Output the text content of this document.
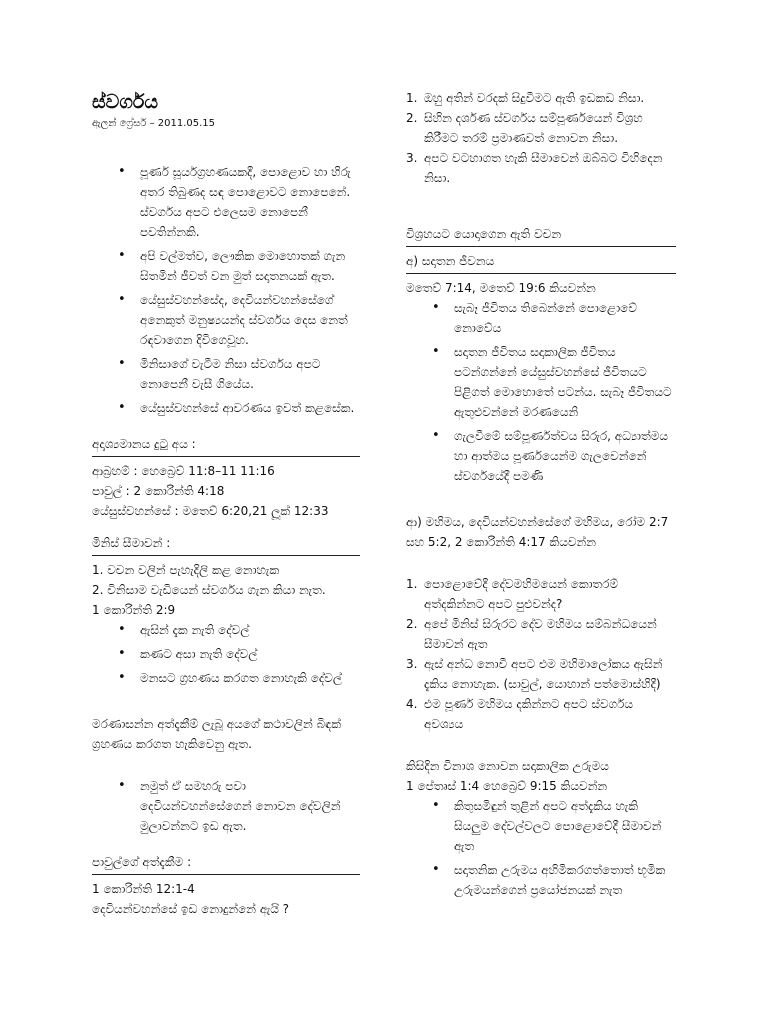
ස්වර්ගය
ඇලන් ෆ්‍රේසර් – 2011.05.15
• පූර්ණ සූර්යග්‍රහණයකදී, පොළොව හා හිරු අතර තිබුණද සඳ පොළොවට නොපෙනේ. ස්වර්ගය අපට එලෙසම නොපෙනී පවතින්නකි.
• අපි වල්මත්ව, ලෞකික මොහොතක් ගැන සිතමින් ජීවත් වන මුත් සදාතනයක් ඇත.
• යේසුස්වහන්සේද, දෙවියන්වහන්සේගේ අනෙකුත් මනුෂ්‍යයන්ද ස්වර්ගය දෙස නෙත් රඳවාගෙන දිවිගෙවූහ.
• මිනිසාගේ වැටීම නිසා ස්වර්ගය අපට නොපෙනී වැසී ගියේය.
• යේසුස්වහන්සේ ආවරණය ඉවත් කළසේක.
අදෘශ්‍යමානය දුටු අය :

ආබ්‍රහම් : හෙබ්‍රෙව් 11:8–11 11:16

පාවුල් : 2 කොරින්ති 4:18

යේසුස්වහන්සේ : මතෙව් 6:20,21 ලූක් 12:33

මිනිස් සීමාවන් :

1. වචන වලින් පැහැදිලි කළ නොහැක

2. විනිසාම වැඩියෙන් ස්වර්ගය ගැන කියා නැත.

1 කොරින්ති 2:9

• ඇසින් දැක නැති දේවල්
• කණට අසා නැති දේවල්
• මනසට ග්‍රහණය කරගත නොහැකි දේවල්

මරණාසන්න අත්දැකීම් ලැබූ අයගේ කථාවලින් බිඳක් ග්‍රහණය කරගත හැකිවෙනු ඇත.

• නමුත් ඒ සමහරු පවා දෙවියන්වහන්සේගෙන් නොවන දේවලින් මුලාවන්නට ඉඩ ඇත.
පාවුල්ගේ අත්දැකීම :

1 කොරින්ති 12:1-4

දෙවියන්වහන්සේ ඉඩ නොදුන්නේ ඇයි ?

1. ඔහු අතින් වරදක් සිදුවීමට ඇති ඉඩකඩ නිසා.
2. සිහින දර්ශණ ස්වර්ගය සම්පූර්ණයෙන් විශ්‍රහ කිරීමට තරම් ප්‍රමාණවත් නොවන නිසා.
3. අපට වටහාගත හැකි සීමාවෙන් ඔබ්බට විහිදෙන නිසා.
විශ්‍රහයට යොදාගෙන ඇති වචන
අ) සදාතන ජීවනය

මතෙව් 7:14, මතෙව් 19:6 කියවන්න

• සැබෑ ජීවිතය තිබෙන්නේ පොළොවේ නොවේය
• සදාතන ජීවිතය සදාකාලික ජීවිතය පටන්ගන්නේ යේසුස්වහන්සේ ජීවිතයට පිළිගත් මොහොතේ පටන්ය. සැබෑ ජීවිතයට ඇතුළුවන්නේ මරණයෙනි
• ගැලවීමේ සම්පූර්ණත්වය සිරුර, අධ්‍යාත්මය හා ආත්මය පූර්ණයෙන්ම ගැලවෙන්නේ ස්වර්ගයේදී පමණි

ආ) මහිමය, දෙවියන්වහන්සේගේ මහිමය, රෝම 2:7 සහ 5:2, 2 කොරින්ති 4:17 කියවන්න

1. පොළොවේදී දේවමහිමයෙන් කොතරම් අත්දකින්නට අපට පුළුවන්ද?
2. අපේ මිනිස් සිරුරට දේව මහිමය සම්බන්ධයෙන් සීමාවන් ඇත
3. ඇස් අන්ධ නොවී අපට එම මහිමාලෝකය ඇසින් දැකිය නොහැක. (සාවුල්, යොහාන් පත්මොස්හිදී)
4. එම පූර්ණ මහිමය දකින්නට අපට ස්වර්ගය අවශ්‍යය

කිසිදින විනාශ නොවන සදාකාලික උරුමය

1 පේතෘස් 1:4 හෙබ්‍රෙව් 9:15 කියවන්න

• කිතුසමිඳුන් තුළින් අපට අත්දැකිය හැකි සියලුම දේවල්වලට පොළොවේදී සීමාවන් ඇත
• සදාතනික උරුමය අහිමිකරගත්තොත් භූමික උරුමයන්ගෙන් ප්‍රයෝජනයක් නැත
